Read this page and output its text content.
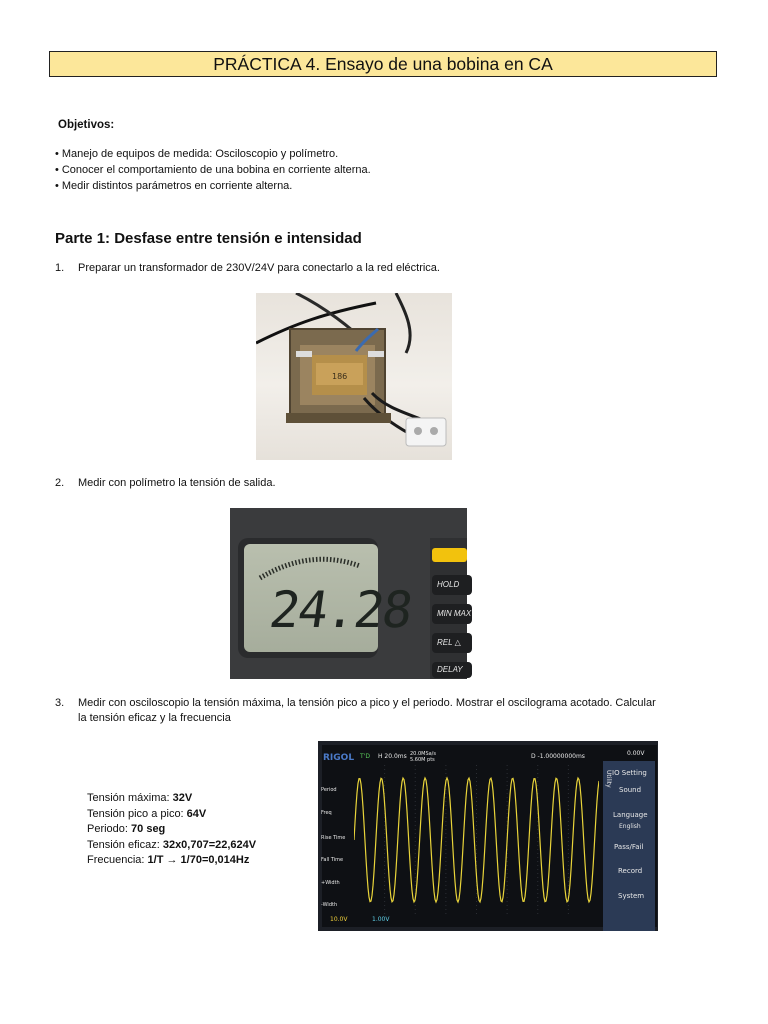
PRÁCTICA 4. Ensayo de una bobina en CA
Objetivos:
• Manejo de equipos de medida: Osciloscopio y polímetro.
• Conocer el comportamiento de una bobina en corriente alterna.
• Medir distintos parámetros en corriente alterna.
Parte 1: Desfase entre tensión e intensidad
1.	Preparar un transformador de 230V/24V para conectarlo a la red eléctrica.
186
2.	Medir con polímetro la tensión de salida.
24.28	HOLD
MIN MAX
REL △
DELAY
3.	Medir con osciloscopio la tensión máxima, la tensión pico a pico y el periodo. Mostrar el oscilograma acotado. Calcular la tensión eficaz y la frecuencia
RIGOL T'D H 20.0ms 20.0MSa/s 5.60M pts	D -1.00000000ms	0.00V
10.0V	1.00V
Period
Freq
Rise Time
Fall Time
+Width
-Width
Utility IO Setting
Sound
Language
English
Pass/Fail
Record
System
Tensión máxima: 32V
Tensión pico a pico: 64V
Periodo: 70 seg
Tensión eficaz: 32x0,707=22,624V
Frecuencia: 1/T → 1/70=0,014Hz
